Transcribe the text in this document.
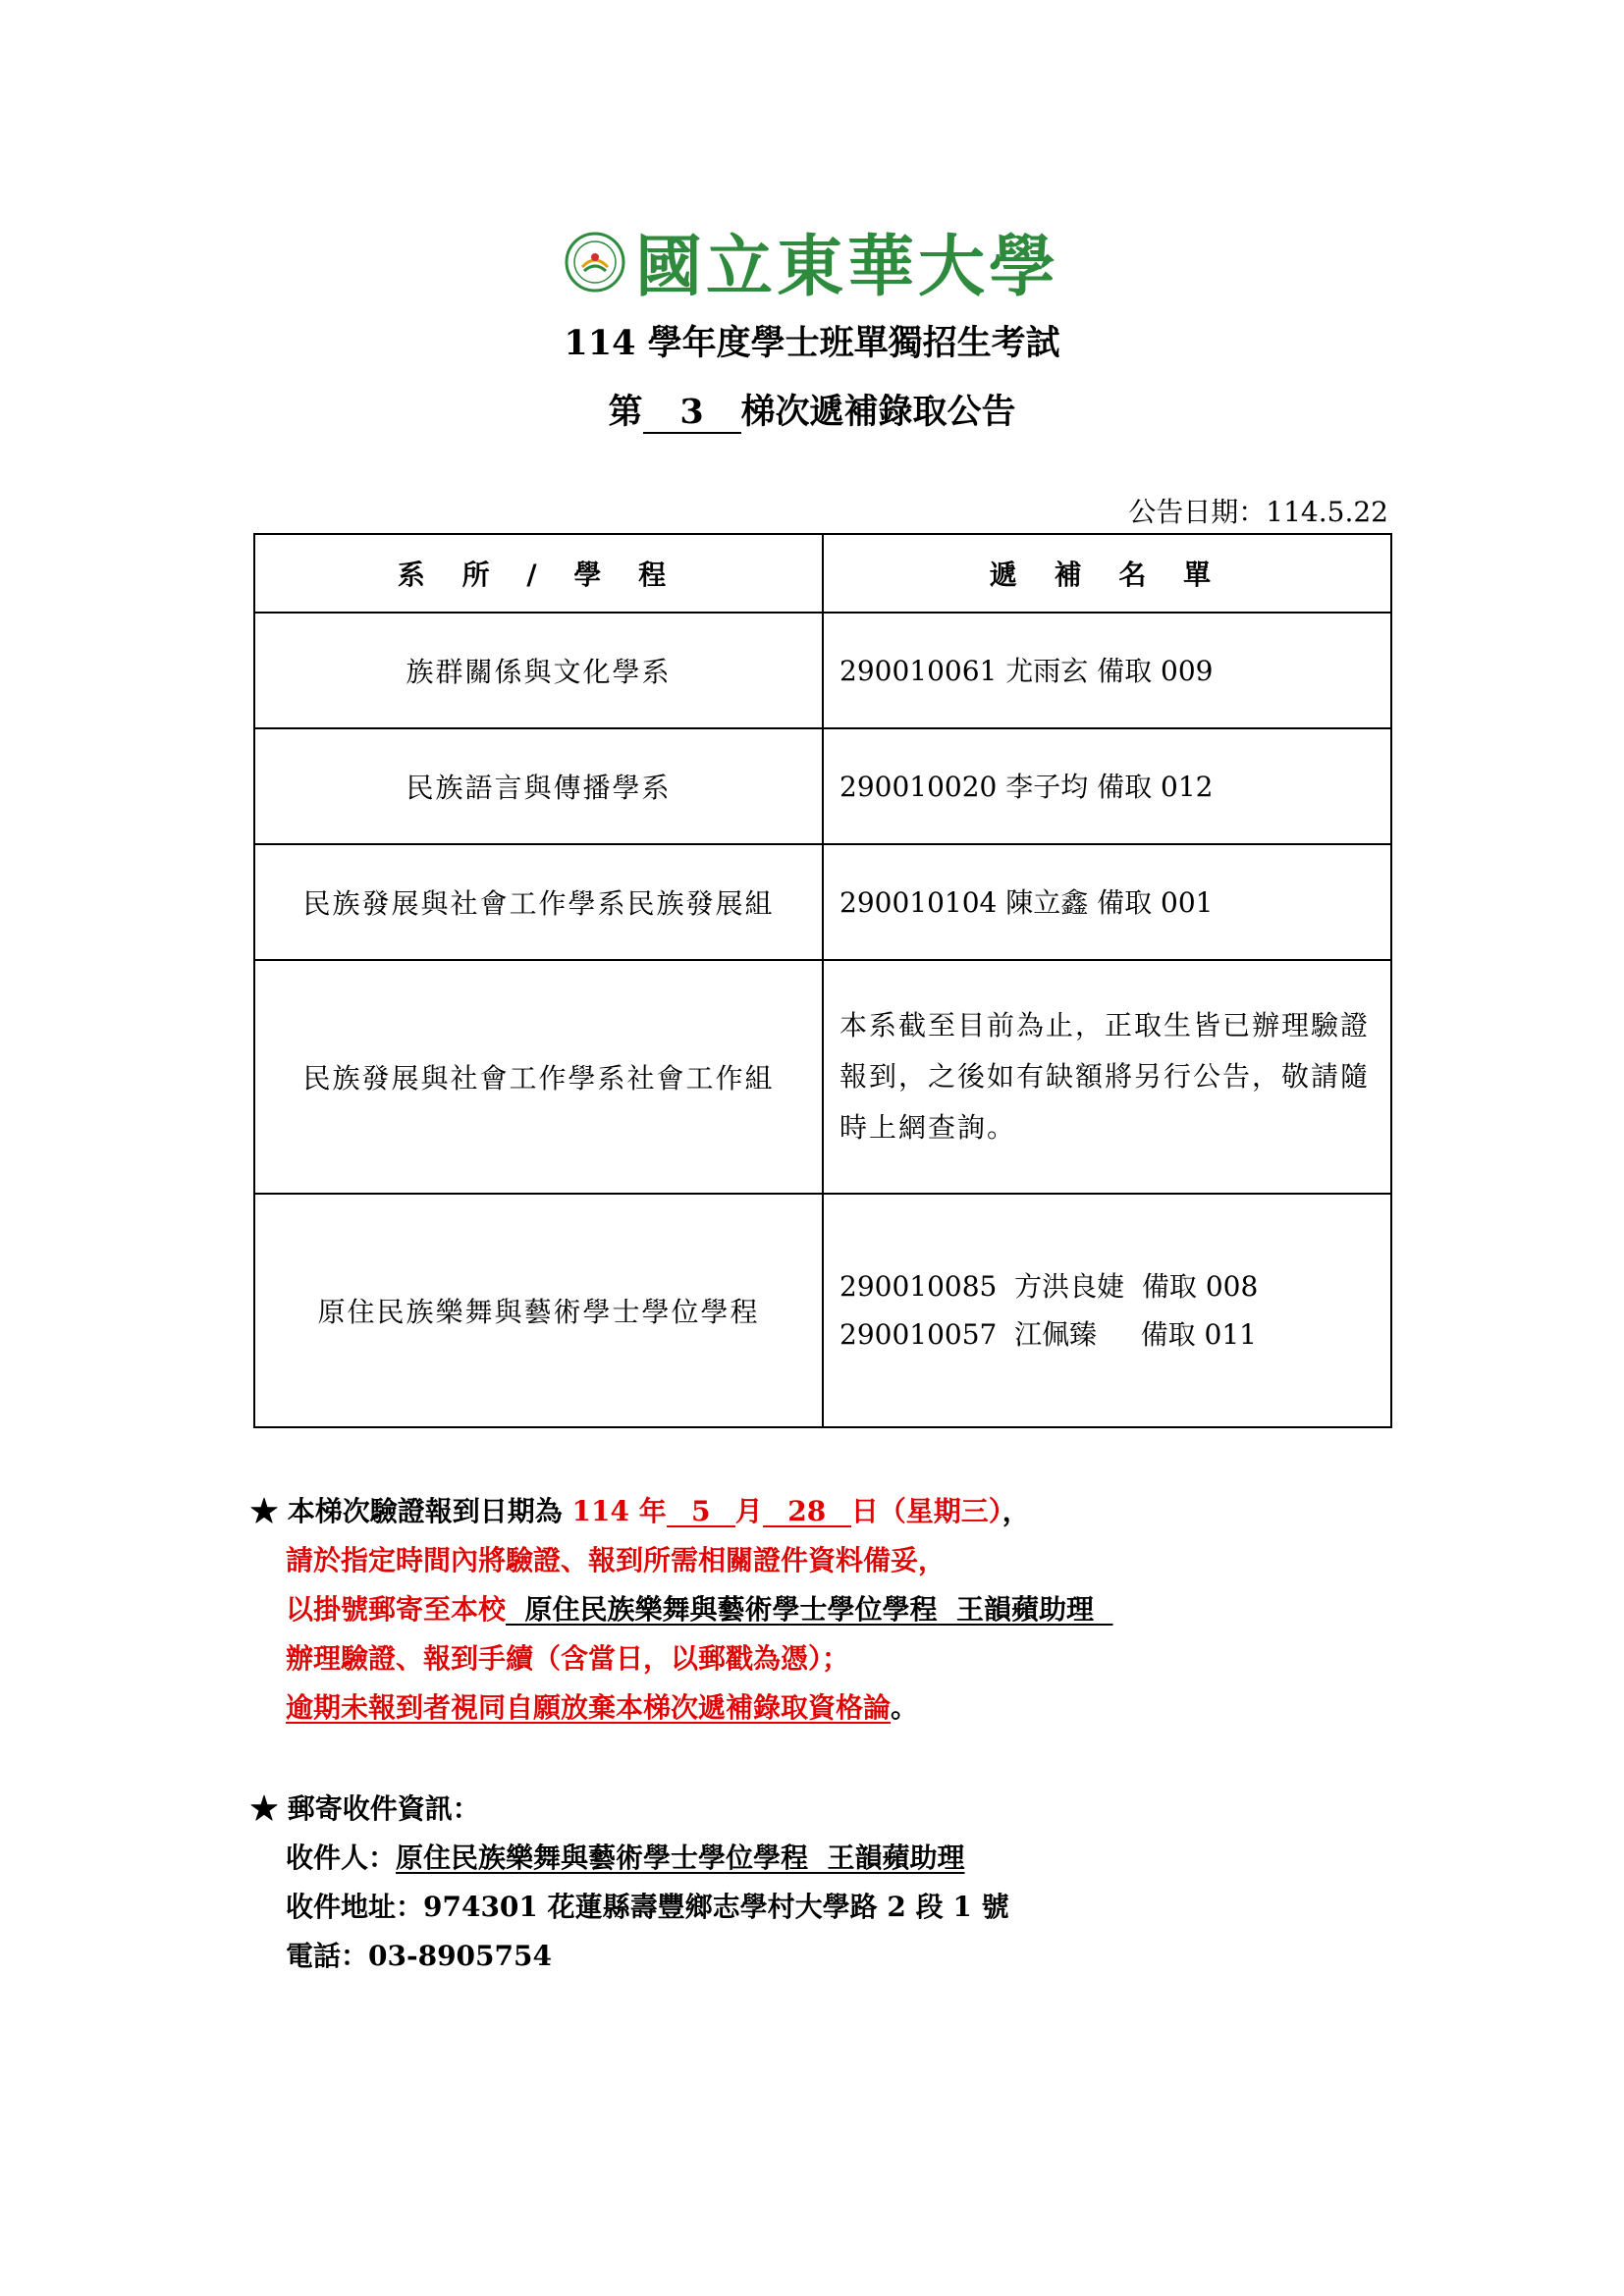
國立東華大學
114 學年度學士班單獨招生考試
第 3 梯次遞補錄取公告
公告日期：114.5.22
系 所 / 學 程	遞 補 名 單
族群關係與文化學系	290010061 尤雨玄 備取 009
民族語言與傳播學系	290010020 李子均 備取 012
民族發展與社會工作學系民族發展組	290010104 陳立鑫 備取 001
民族發展與社會工作學系社會工作組	本系截至目前為止，正取生皆已辦理驗證報到，之後如有缺額將另行公告，敬請隨時上網查詢。
原住民族樂舞與藝術學士學位學程	290010085  方洪良婕  備取 008
290010057  江佩臻     備取 011
★ 本梯次驗證報到日期為 114 年 5 月 28 日（星期三），
請於指定時間內將驗證、報到所需相關證件資料備妥，
以掛號郵寄至本校  原住民族樂舞與藝術學士學位學程  王韻蘋助理
辦理驗證、報到手續（含當日，以郵戳為憑）；
逾期未報到者視同自願放棄本梯次遞補錄取資格論。
★ 郵寄收件資訊：
收件人：原住民族樂舞與藝術學士學位學程  王韻蘋助理
收件地址：974301 花蓮縣壽豐鄉志學村大學路 2 段 1 號
電話：03-8905754
